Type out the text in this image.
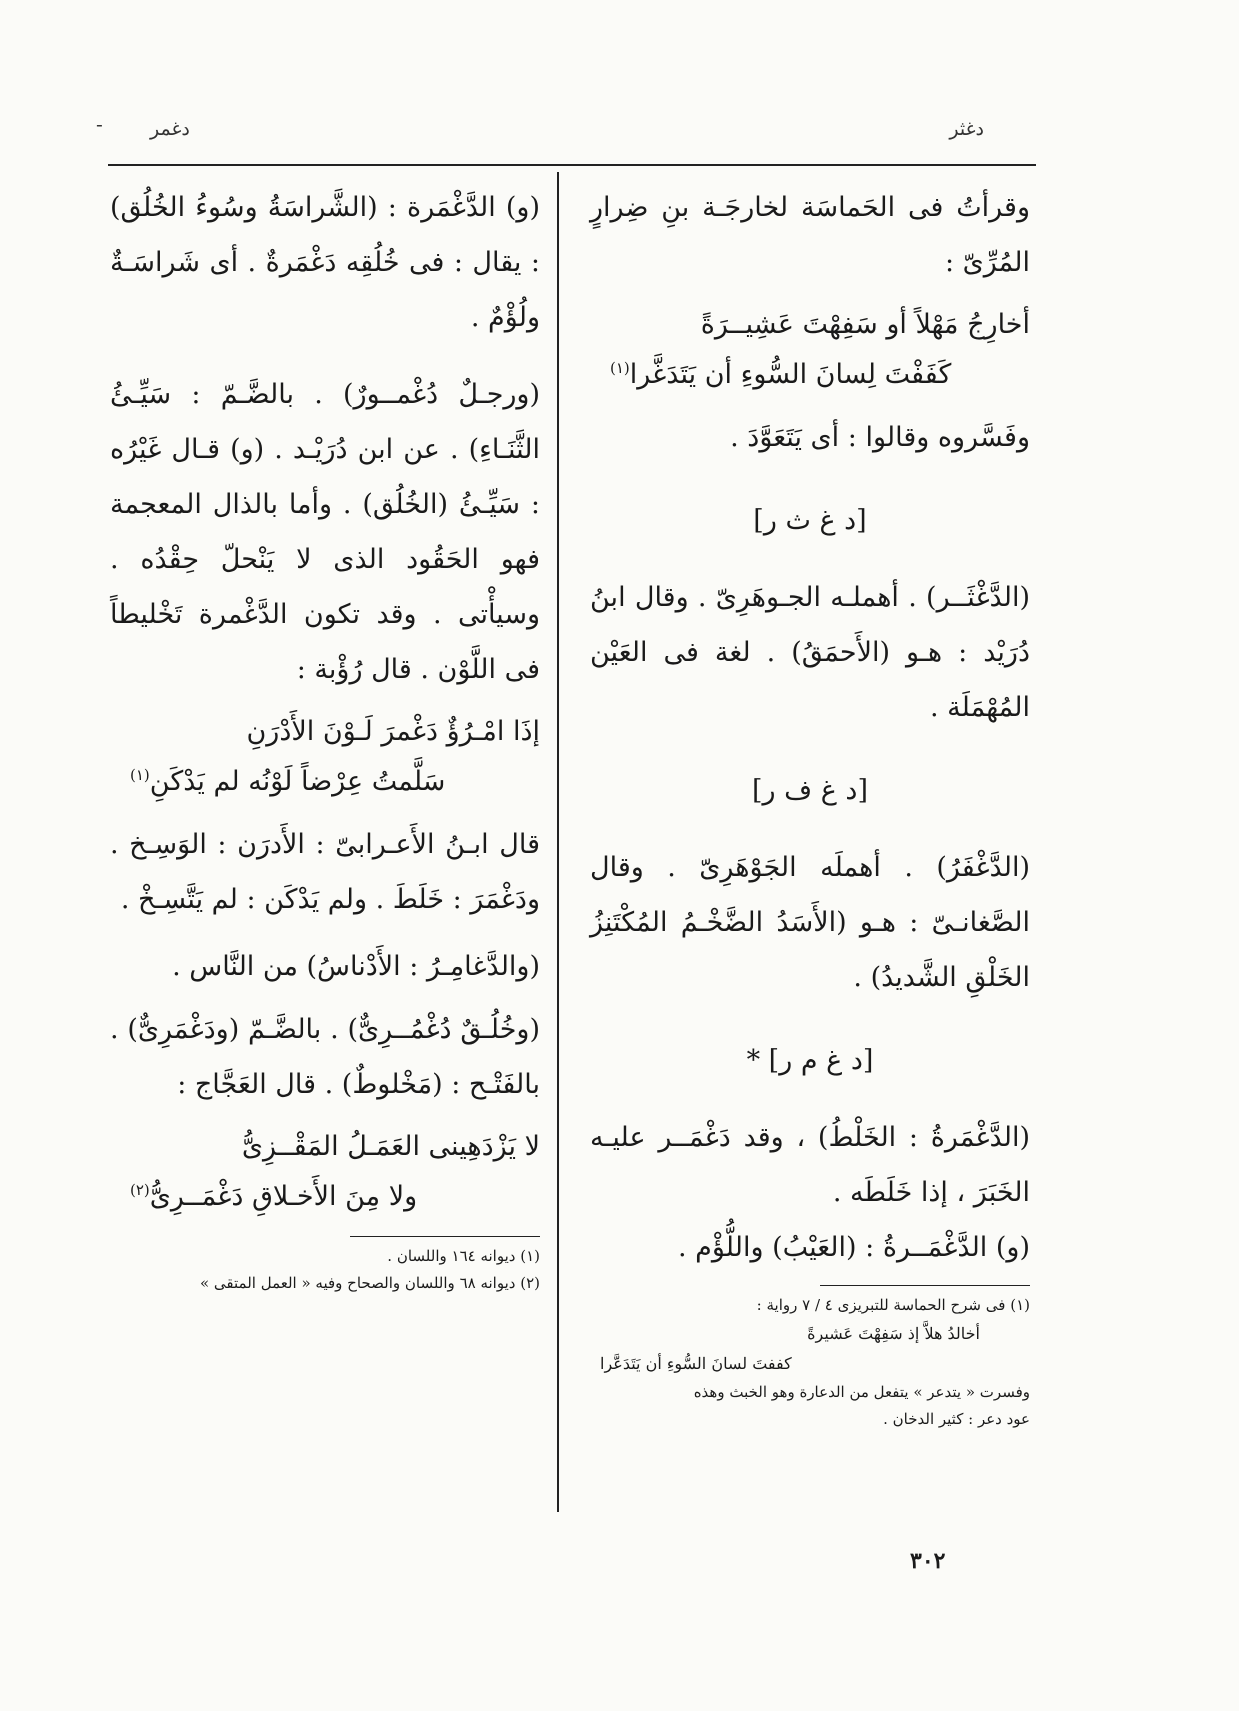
دغثر
دغمر
-

وقرأتُ فى الحَماسَة لخارجَـة بنِ ضِرارٍ المُرِّىّ :

أخارِجُ مَهْلاً أو سَفِهْتَ عَشِيــرَةً
كَفَفْتَ لِسانَ السُّوءِ أن يَتَدَغَّرا$^{(١)}$

وفَسَّروه وقالوا : أى يَتَعَوَّدَ .

[د غ ث ر]

(الدَّغْثَــر) . أهملـه الجـوهَرِىّ . وقال ابنُ دُرَيْد : هـو (الأَحمَقُ) . لغة فى العَيْن المُهْمَلَة .

[د غ ف ر]

(الدَّغْفَرُ) . أهملَه الجَوْهَرِىّ . وقال الصَّغانـىّ : هـو (الأَسَدُ الضَّخْـمُ المُكْتَنِزُ الخَلْقِ الشَّديدُ) .

[د غ م ر] *

(الدَّغْمَرةُ : الخَلْطُ) ، وقد دَغْمَــر عليـه الخَبَرَ ، إذا خَلَطَه .

(و) الدَّغْمَــرةُ : (العَيْبُ) واللُّؤْم .

(١) فى شرح الحماسة للتبريزى ٤ / ٧ رواية :

أخالدُ هلاَّ إذ سَفِهْتَ عَشيرةً
كففتَ لسانَ السُّوءِ أن يَتَدَعَّرا

وفسرت « يتدعر » يتفعل من الدعارة وهو الخبث وهذه

عود دعر : كثير الدخان .

(و) الدَّغْمَرة : (الشَّراسَةُ وسُوءُ الخُلُق) : يقال : فى خُلُقِه دَغْمَرةٌ . أى شَراسَـةٌ ولُؤْمٌ .

(ورجـلٌ دُغْمــورٌ) . بالضَّـمّ : سَيِّـئُ الثَّنَـاءِ) . عن ابن دُرَيْـد . (و) قـال غَيْرُه : سَيِّـئُ (الخُلُق) . وأما بالذال المعجمة فهو الحَقُود الذى لا يَنْحلّ حِقْدُه . وسيأْتى . وقد تكون الدَّغْمرة تَخْليطاً فى اللَّوْن . قال رُؤْبة :

إذَا امْـرُؤٌ دَغْمرَ لَـوْنَ الأَدْرَنِ
سَلَّمتُ عِرْضاً لَوْنُه لم يَدْكَنِ$^{(١)}$

قال ابـنُ الأَعـرابىّ : الأَدرَن : الوَسِـخ . ودَغْمَرَ : خَلَطَ . ولم يَدْكَن : لم يَتَّسِـخْ .

(والدَّغامِـرُ : الأَدْناسُ) من النَّاس .

(وخُلُـقٌ دُغْمُــرِىٌّ) . بالضَّـمّ (ودَغْمَرِىٌّ) . بالفَتْـح : (مَخْلوطٌ) . قال العَجَّاج :

لا يَزْدَهِينى العَمَـلُ المَقْــزِىُّ
ولا مِنَ الأَخـلاقِ دَغْمَــرِىُّ$^{(٢)}$

(١) ديوانه ١٦٤ واللسان .

(٢) ديوانه ٦٨ واللسان والصحاح وفيه « العمل المتقى »

٣٠٢
